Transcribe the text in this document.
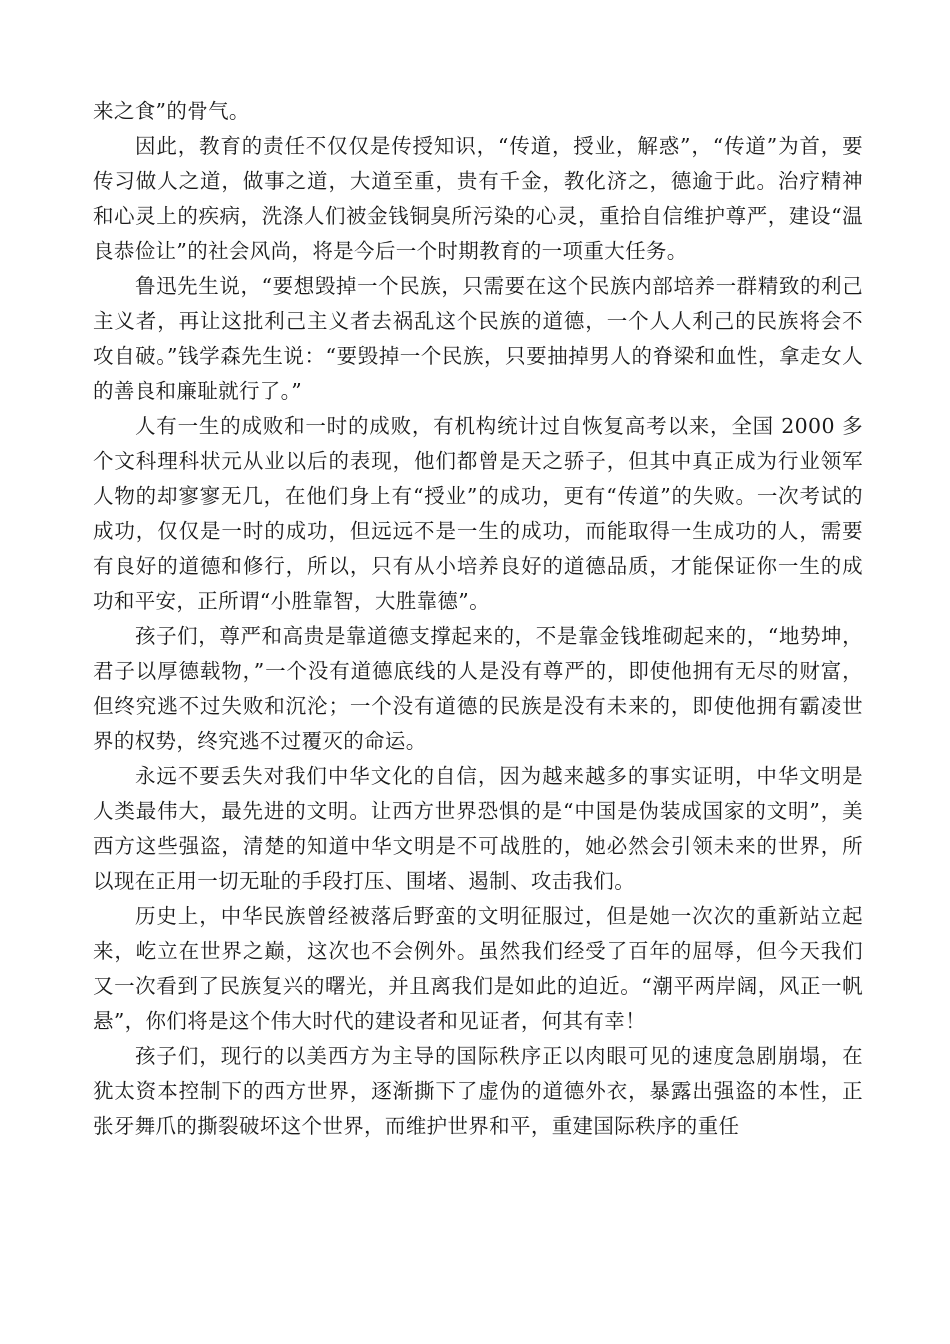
来之食”的骨气。

因此，教育的责任不仅仅是传授知识，“传道，授业，解惑”，“传道”为首，要传习做人之道，做事之道，大道至重，贵有千金，教化济之，德逾于此。治疗精神和心灵上的疾病，洗涤人们被金钱铜臭所污染的心灵，重拾自信维护尊严，建设“温良恭俭让”的社会风尚，将是今后一个时期教育的一项重大任务。

鲁迅先生说，“要想毁掉一个民族，只需要在这个民族内部培养一群精致的利己主义者，再让这批利己主义者去祸乱这个民族的道德，一个人人利己的民族将会不攻自破。”钱学森先生说：“要毁掉一个民族，只要抽掉男人的脊梁和血性，拿走女人的善良和廉耻就行了。”

人有一生的成败和一时的成败，有机构统计过自恢复高考以来，全国 2000 多个文科理科状元从业以后的表现，他们都曾是天之骄子，但其中真正成为行业领军人物的却寥寥无几，在他们身上有“授业”的成功，更有“传道”的失败。一次考试的成功，仅仅是一时的成功，但远远不是一生的成功，而能取得一生成功的人，需要有良好的道德和修行，所以，只有从小培养良好的道德品质，才能保证你一生的成功和平安，正所谓“小胜靠智，大胜靠德”。

孩子们，尊严和高贵是靠道德支撑起来的，不是靠金钱堆砌起来的，“地势坤，君子以厚德载物，”一个没有道德底线的人是没有尊严的，即使他拥有无尽的财富，但终究逃不过失败和沉沦；一个没有道德的民族是没有未来的，即使他拥有霸凌世界的权势，终究逃不过覆灭的命运。

永远不要丢失对我们中华文化的自信，因为越来越多的事实证明，中华文明是人类最伟大，最先进的文明。让西方世界恐惧的是“中国是伪装成国家的文明”，美西方这些强盗，清楚的知道中华文明是不可战胜的，她必然会引领未来的世界，所以现在正用一切无耻的手段打压、围堵、遏制、攻击我们。

历史上，中华民族曾经被落后野蛮的文明征服过，但是她一次次的重新站立起来，屹立在世界之巅，这次也不会例外。虽然我们经受了百年的屈辱，但今天我们又一次看到了民族复兴的曙光，并且离我们是如此的迫近。“潮平两岸阔，风正一帆悬”，你们将是这个伟大时代的建设者和见证者，何其有幸！

孩子们，现行的以美西方为主导的国际秩序正以肉眼可见的速度急剧崩塌，在犹太资本控制下的西方世界，逐渐撕下了虚伪的道德外衣，暴露出强盗的本性，正张牙舞爪的撕裂破坏这个世界，而维护世界和平，重建国际秩序的重任
